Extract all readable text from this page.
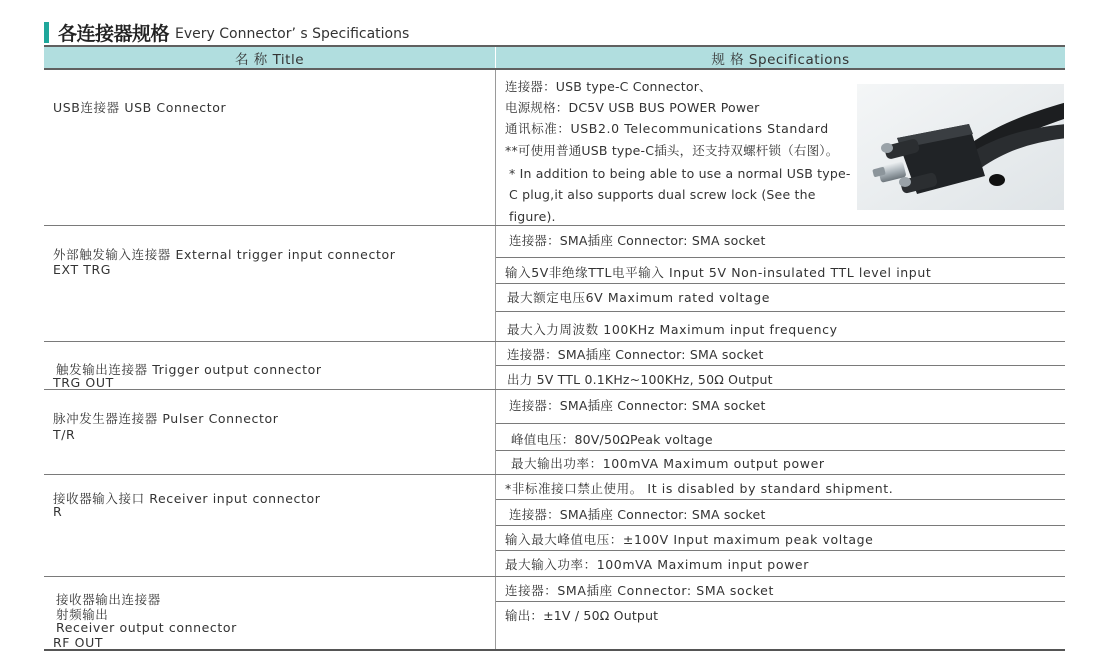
各连接器规格 Every Connector’ s Specifications
名 称 Title	规 格 Specifications
USB连接器 USB Connector
连接器：USB type-C Connector、
电源规格：DC5V USB BUS POWER Power
通讯标准：USB2.0 Telecommunications Standard
**可使用普通USB type-C插头，还支持双螺杆锁（右图）。
* In addition to being able to use a normal USB type-
C plug,it also supports dual screw lock (See the
figure).
外部触发输入连接器 External trigger input connector
EXT TRG
连接器：SMA插座 Connector: SMA socket
输入5V非绝缘TTL电平输入 Input 5V Non-insulated TTL level input
最大额定电压6V Maximum rated voltage
最大入力周波数 100KHz Maximum input frequency
触发输出连接器 Trigger output connector
TRG OUT
连接器：SMA插座 Connector: SMA socket
出力 5V TTL 0.1KHz~100KHz, 50Ω Output
脉冲发生器连接器 Pulser Connector
T/R
连接器：SMA插座 Connector: SMA socket
峰值电压：80V/50ΩPeak voltage
最大输出功率：100mVA Maximum output power
接收器输入接口 Receiver input connector
R
*非标准接口禁止使用。 It is disabled by standard shipment.
连接器：SMA插座 Connector: SMA socket
输入最大峰值电压：±100V Input maximum peak voltage
最大输入功率：100mVA Maximum input power
接收器输出连接器
射频输出
Receiver output connector
RF OUT
连接器：SMA插座 Connector: SMA socket
输出：±1V / 50Ω Output
